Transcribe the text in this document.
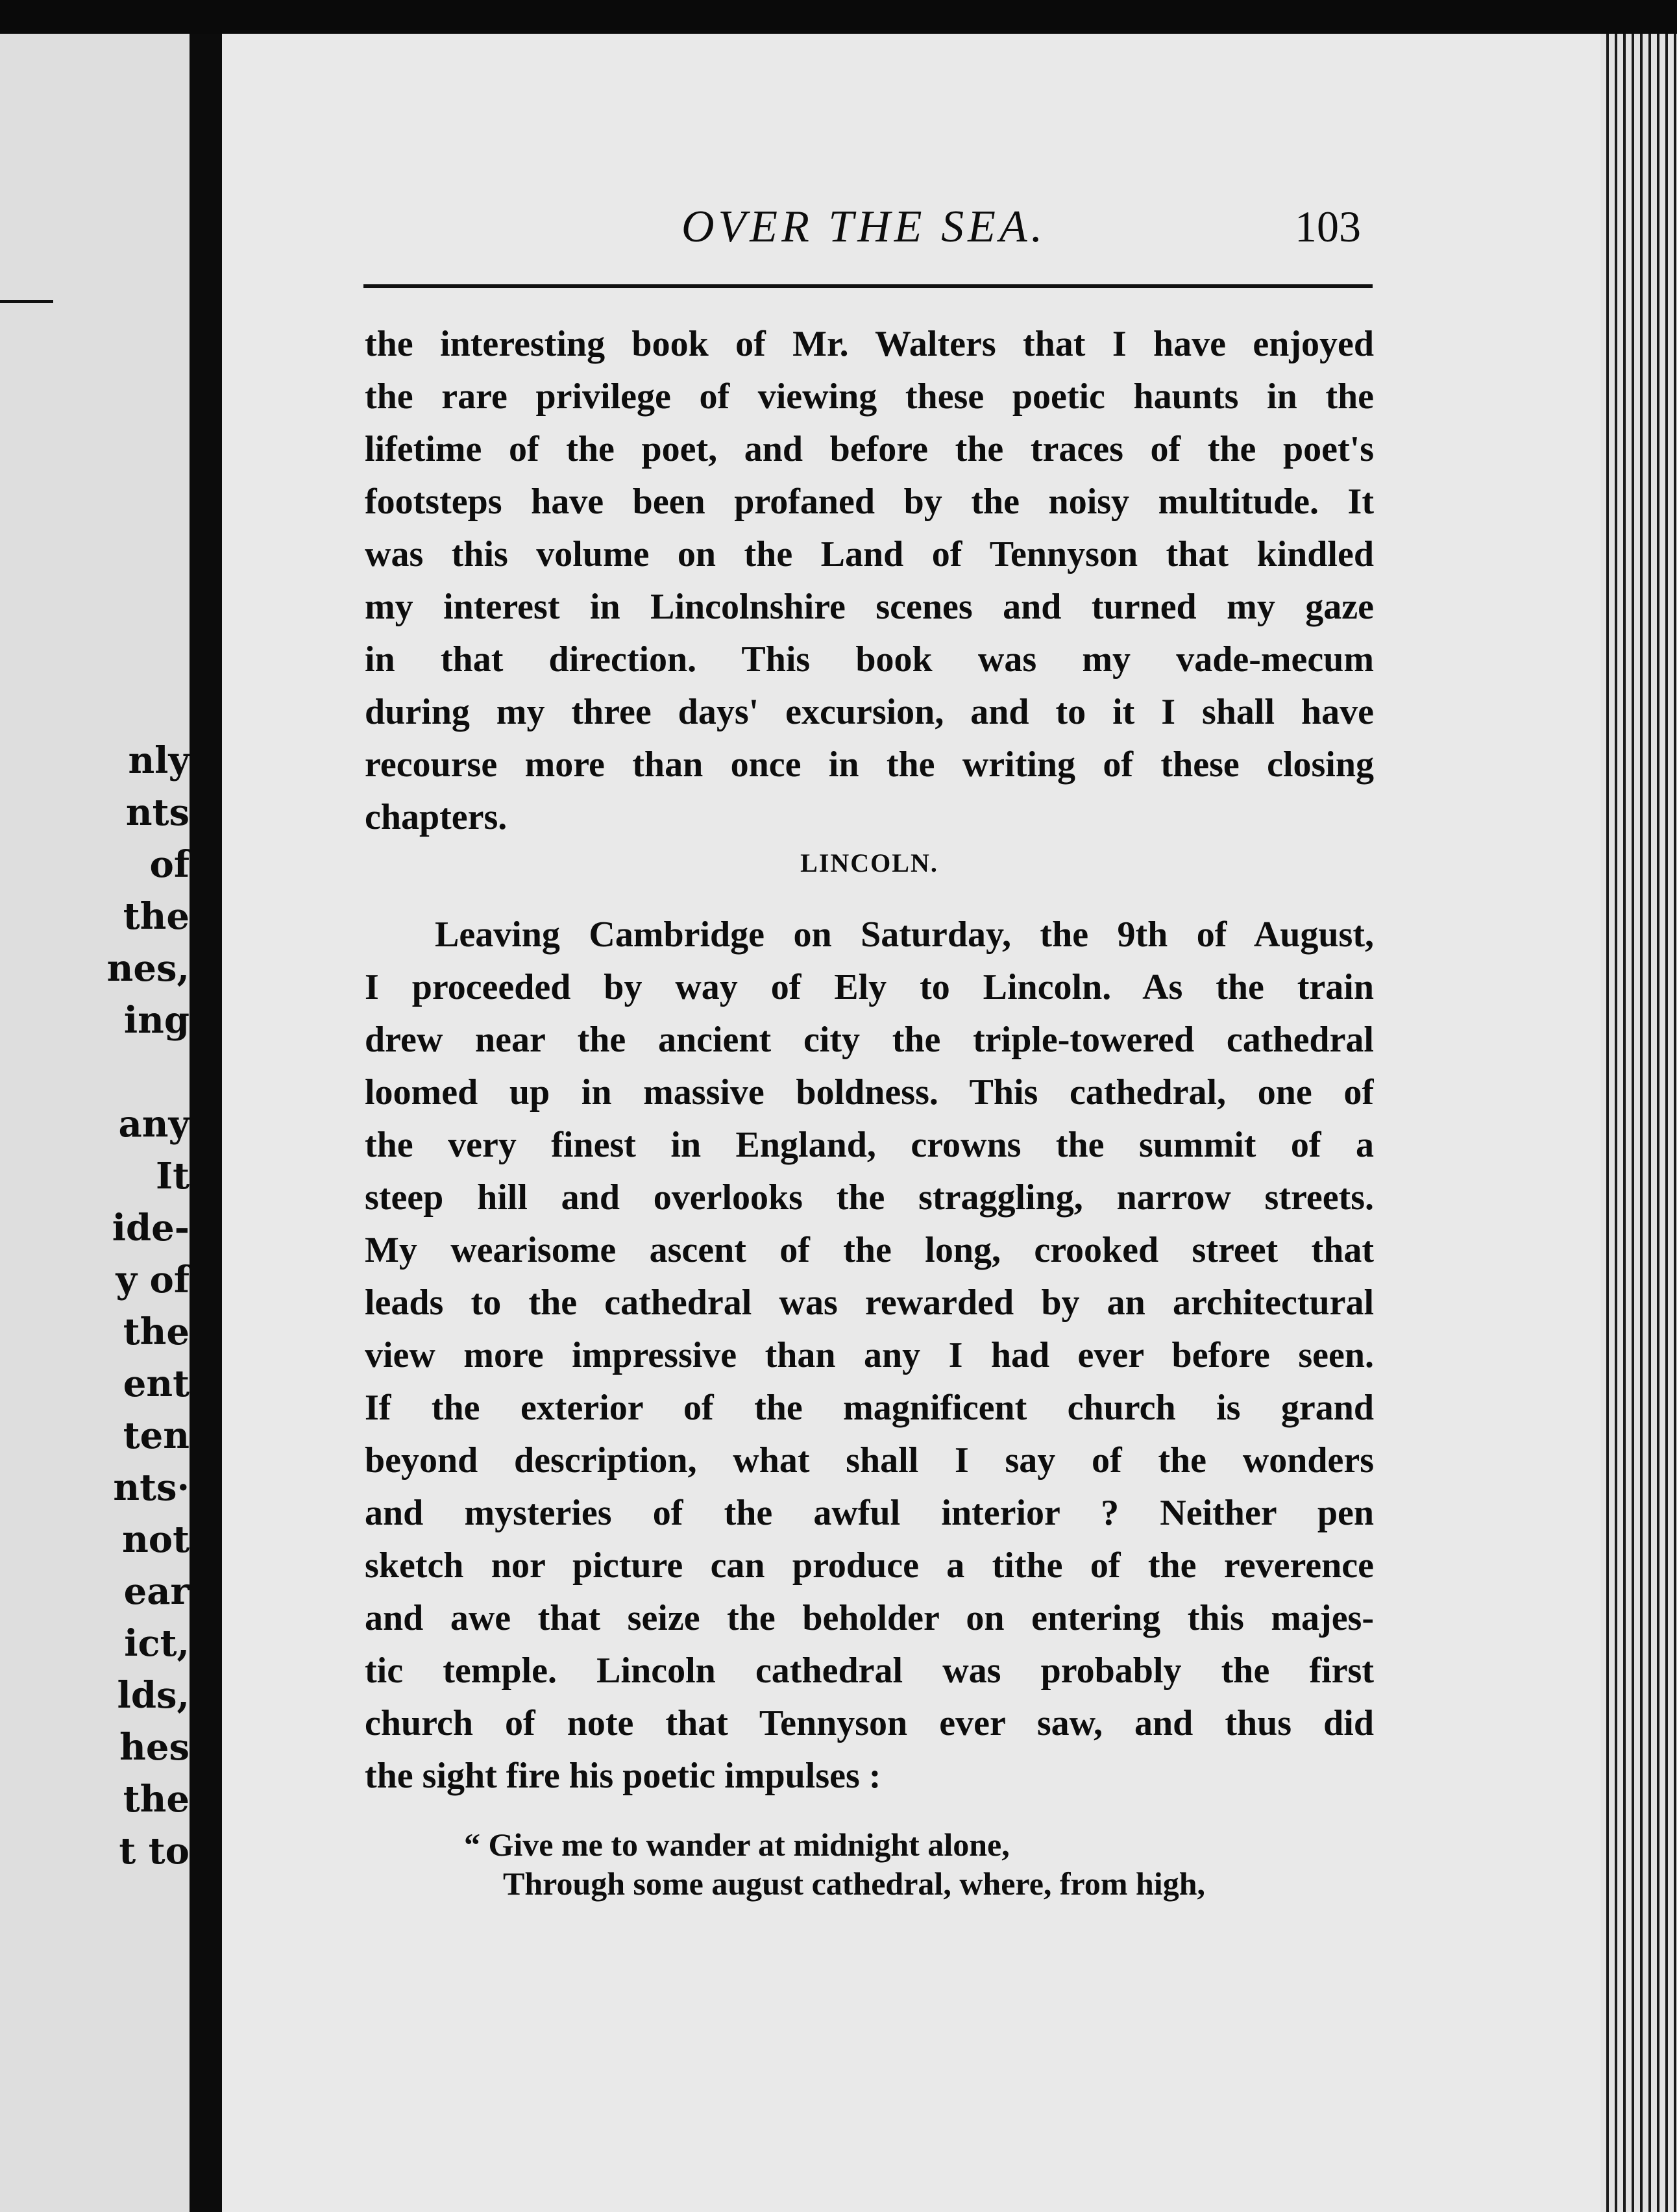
nly
nts
of
the
nes,
ing
any
It
ide-
y of
the
ent
ten
nts·
not
ear
ict,
lds,
hes
the
t to
OVER THE SEA.	103
the interesting book of Mr. Walters that I have enjoyed
the rare privilege of viewing these poetic haunts in the
lifetime of the poet, and before the traces of the poet's
footsteps have been profaned by the noisy multitude. It
was this volume on the Land of Tennyson that kindled
my interest in Lincolnshire scenes and turned my gaze
in that direction. This book was my vade-mecum
during my three days' excursion, and to it I shall have
recourse more than once in the writing of these closing
chapters.
LINCOLN.
Leaving Cambridge on Saturday, the 9th of August,
I proceeded by way of Ely to Lincoln. As the train
drew near the ancient city the triple-towered cathedral
loomed up in massive boldness. This cathedral, one of
the very finest in England, crowns the summit of a
steep hill and overlooks the straggling, narrow streets.
My wearisome ascent of the long, crooked street that
leads to the cathedral was rewarded by an architectural
view more impressive than any I had ever before seen.
If the exterior of the magnificent church is grand
beyond description, what shall I say of the wonders
and mysteries of the awful interior ? Neither pen
sketch nor picture can produce a tithe of the reverence
and awe that seize the beholder on entering this majes-
tic temple. Lincoln cathedral was probably the first
church of note that Tennyson ever saw, and thus did
the sight fire his poetic impulses :
“ Give me to wander at midnight alone,
Through some august cathedral, where, from high,
